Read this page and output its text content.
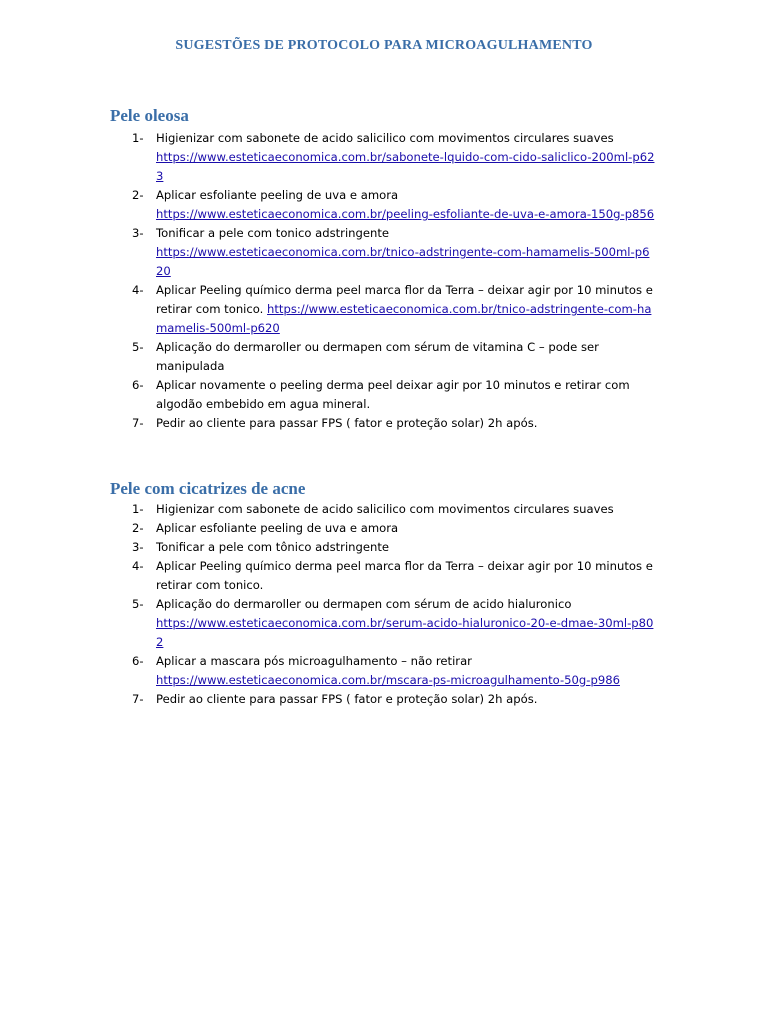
SUGESTÕES DE PROTOCOLO PARA MICROAGULHAMENTO
Pele oleosa
1- Higienizar com sabonete de acido salicilico com movimentos circulares suaves
https://www.esteticaeconomica.com.br/sabonete-lquido-com-cido-saliclico-200ml-p623
2- Aplicar esfoliante peeling de uva e amora
https://www.esteticaeconomica.com.br/peeling-esfoliante-de-uva-e-amora-150g-p856
3- Tonificar a pele com tonico adstringente
https://www.esteticaeconomica.com.br/tnico-adstringente-com-hamamelis-500ml-p620
4- Aplicar Peeling químico derma peel marca flor da Terra – deixar agir por 10 minutos e retirar com tonico. https://www.esteticaeconomica.com.br/tnico-adstringente-com-hamamelis-500ml-p620
5- Aplicação do dermaroller ou dermapen com sérum de vitamina C – pode ser manipulada
6- Aplicar novamente o peeling derma peel deixar agir por 10 minutos e retirar com algodão embebido em agua mineral.
7- Pedir ao cliente para passar FPS ( fator e proteção solar) 2h após.
Pele com cicatrizes de acne
1- Higienizar com sabonete de acido salicilico com movimentos circulares suaves
2- Aplicar esfoliante peeling de uva e amora
3- Tonificar a pele com tônico adstringente
4- Aplicar Peeling químico derma peel marca flor da Terra – deixar agir por 10 minutos e retirar com tonico.
5- Aplicação do dermaroller ou dermapen com sérum de acido hialuronico
https://www.esteticaeconomica.com.br/serum-acido-hialuronico-20-e-dmae-30ml-p802
6- Aplicar a mascara pós microagulhamento – não retirar
https://www.esteticaeconomica.com.br/mscara-ps-microagulhamento-50g-p986
7- Pedir ao cliente para passar FPS ( fator e proteção solar) 2h após.
